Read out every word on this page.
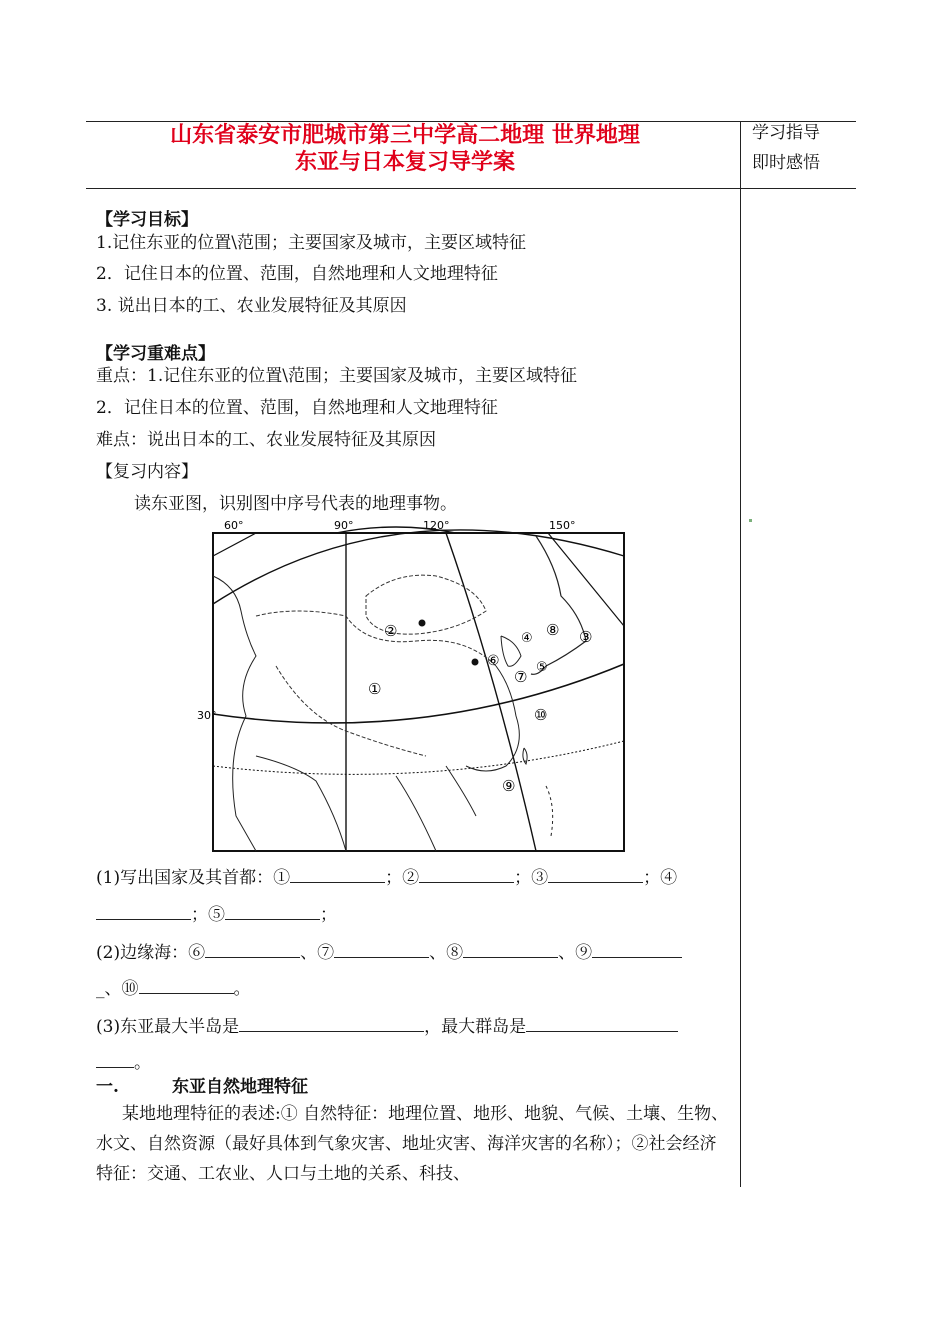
山东省泰安市肥城市第三中学高二地理 世界地理
东亚与日本复习导学案
学习指导
即时感悟
【学习目标】
1.记住东亚的位置\范围；主要国家及城市，主要区域特征
2．记住日本的位置、范围，自然地理和人文地理特征
3. 说出日本的工、农业发展特征及其原因
【学习重难点】
重点：1.记住东亚的位置\范围；主要国家及城市，主要区域特征
2．记住日本的位置、范围，自然地理和人文地理特征
难点：说出日本的工、农业发展特征及其原因
【复习内容】
读东亚图，识别图中序号代表的地理事物。
60°	90°	120°	150°
30°
①
②	③
④
⑤
⑥
⑦
⑧
⑨
⑩
(1)写出国家及其首都：①	；②	；③	；④
；⑤	；
(2)边缘海：⑥	、⑦	、⑧	、⑨
_、⑩	。
(3)东亚最大半岛是	，最大群岛是
。
一.	东亚自然地理特征
某地地理特征的表述:① 自然特征：地理位置、地形、地貌、气候、土壤、生物、水文、自然资源（最好具体到气象灾害、地址灾害、海洋灾害的名称）；②社会经济特征：交通、工农业、人口与土地的关系、科技、
